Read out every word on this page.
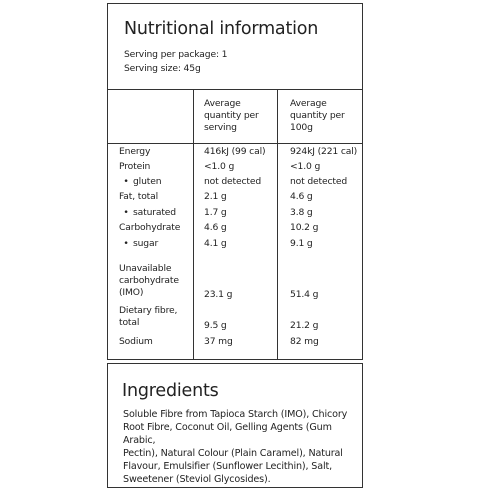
Nutritional information
Serving per package: 1
Serving size: 45g
Average
quantity per
serving
Average
quantity per
100g
Energy	416kJ (99 cal)	924kJ (221 cal)
Protein	<1.0 g	<1.0 g
• gluten	not detected	not detected
Fat, total	2.1 g	4.6 g
• saturated	1.7 g	3.8 g
Carbohydrate	4.6 g	10.2 g
• sugar	4.1 g	9.1 g
Unavailable
carbohydrate
(IMO)	23.1 g	51.4 g
Dietary fibre,
total	9.5 g	21.2 g
Sodium	37 mg	82 mg
Ingredients
Soluble Fibre from Tapioca Starch (IMO), Chicory
Root Fibre, Coconut Oil, Gelling Agents (Gum Arabic,
Pectin), Natural Colour (Plain Caramel), Natural
Flavour, Emulsifier (Sunflower Lecithin), Salt,
Sweetener (Steviol Glycosides).
